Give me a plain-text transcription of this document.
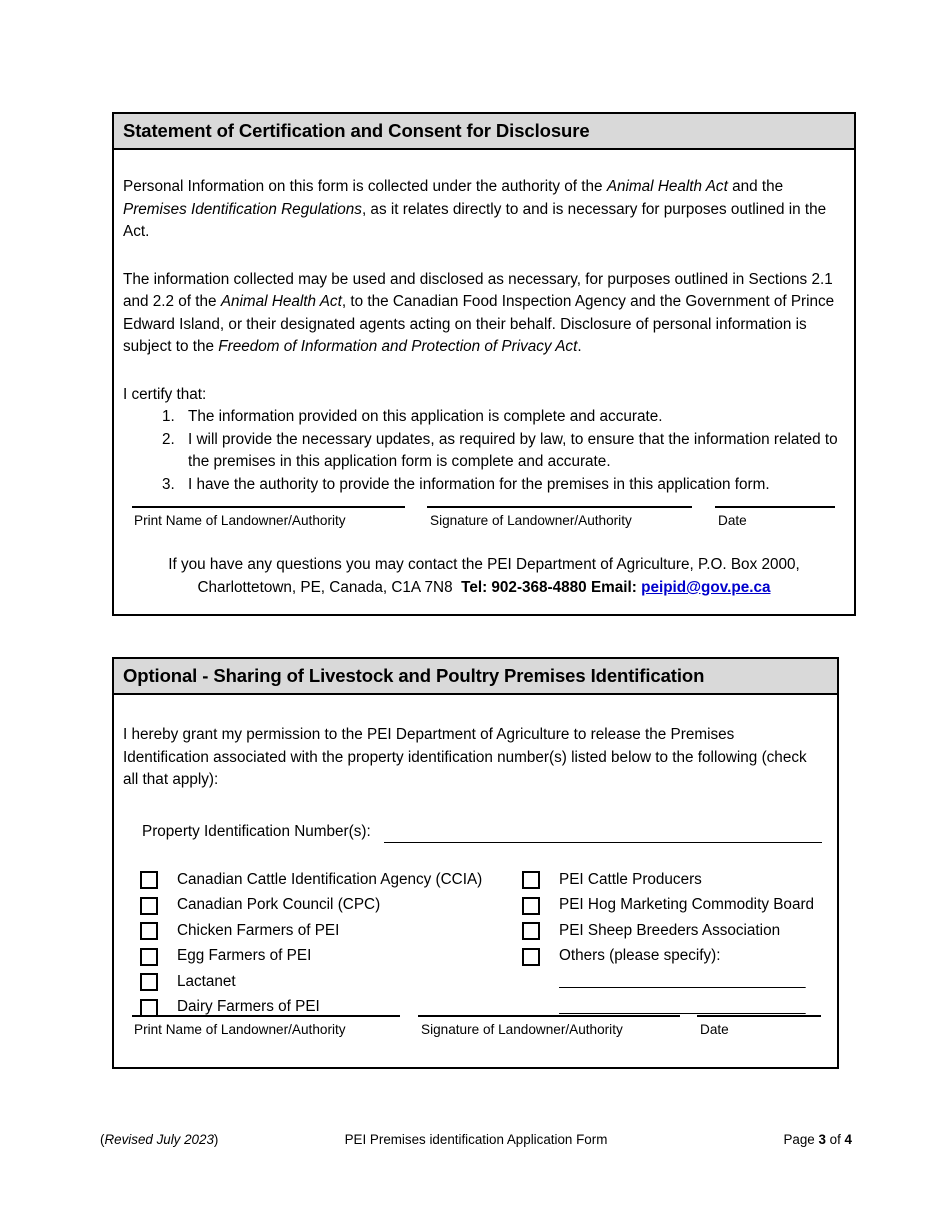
Statement of Certification and Consent for Disclosure

Personal Information on this form is collected under the authority of the Animal Health Act and the Premises Identification Regulations, as it relates directly to and is necessary for purposes outlined in the Act.

The information collected may be used and disclosed as necessary, for purposes outlined in Sections 2.1 and 2.2 of the Animal Health Act, to the Canadian Food Inspection Agency and the Government of Prince Edward Island, or their designated agents acting on their behalf. Disclosure of personal information is subject to the Freedom of Information and Protection of Privacy Act.

I certify that:

1. The information provided on this application is complete and accurate.
2. I will provide the necessary updates, as required by law, to ensure that the information related to the premises in this application form is complete and accurate.
3. I have the authority to provide the information for the premises in this application form.
Print Name of Landowner/Authority	Signature of Landowner/Authority	Date
If you have any questions you may contact the PEI Department of Agriculture, P.O. Box 2000,
Charlottetown, PE, Canada, C1A 7N8 Tel: 902-368-4880 Email: peipid@gov.pe.ca
Optional - Sharing of Livestock and Poultry Premises Identification

I hereby grant my permission to the PEI Department of Agriculture to release the Premises Identification associated with the property identification number(s) listed below to the following (check all that apply):

Property Identification Number(s):
Canadian Cattle Identification Agency (CCIA)
Canadian Pork Council (CPC)
Chicken Farmers of PEI
Egg Farmers of PEI
Lactanet
Dairy Farmers of PEI
PEI Cattle Producers
PEI Hog Marketing Commodity Board
PEI Sheep Breeders Association
Others (please specify):
______________________________
______________________________
Print Name of Landowner/Authority	Signature of Landowner/Authority	Date
(Revised July 2023)	PEI Premises identification Application Form	Page 3 of 4
